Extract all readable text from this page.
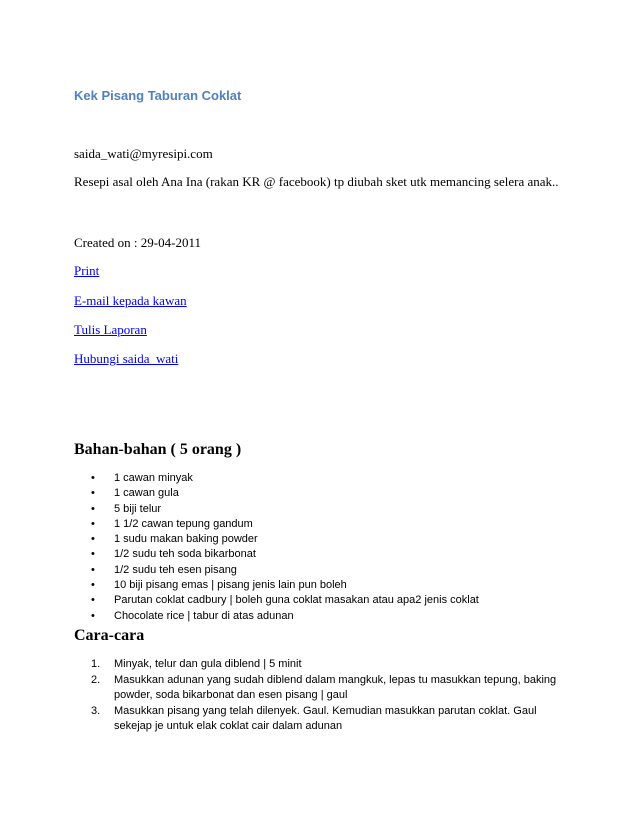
Kek Pisang Taburan Coklat

saida_wati@myresipi.com

Resepi asal oleh Ana Ina (rakan KR @ facebook) tp diubah sket utk memancing selera anak..

Created on : 29-04-2011

Print
E-mail kepada kawan
Tulis Laporan
Hubungi saida_wati
Bahan-bahan ( 5 orang )
• 1 cawan minyak
• 1 cawan gula
• 5 biji telur
• 1 1/2 cawan tepung gandum
• 1 sudu makan baking powder
• 1/2 sudu teh soda bikarbonat
• 1/2 sudu teh esen pisang
• 10 biji pisang emas | pisang jenis lain pun boleh
• Parutan coklat cadbury | boleh guna coklat masakan atau apa2 jenis coklat
• Chocolate rice | tabur di atas adunan
Cara-cara
1. Minyak, telur dan gula diblend | 5 minit
2. Masukkan adunan yang sudah diblend dalam mangkuk, lepas tu masukkan tepung, baking powder, soda bikarbonat dan esen pisang | gaul
3. Masukkan pisang yang telah dilenyek. Gaul. Kemudian masukkan parutan coklat. Gaul sekejap je untuk elak coklat cair dalam adunan
